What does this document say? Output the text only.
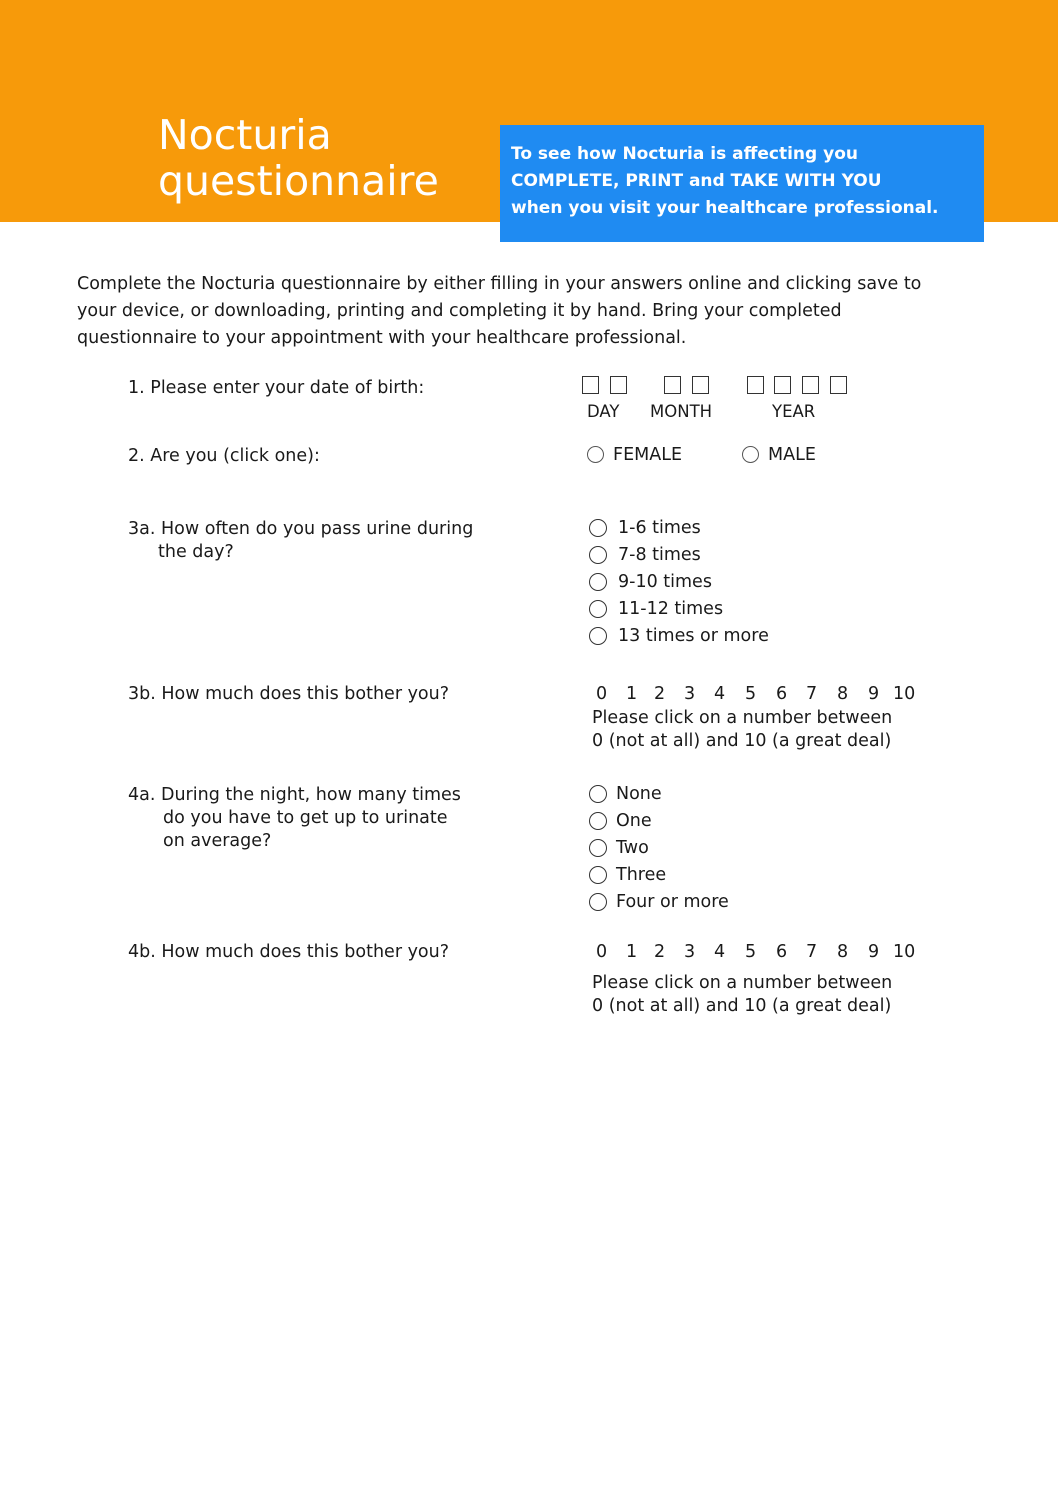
Nocturia
questionnaire
To see how Nocturia is affecting you
COMPLETE, PRINT and TAKE WITH YOU
when you visit your healthcare professional.
Complete the Nocturia questionnaire by either filling in your answers online and clicking save to
your device, or downloading, printing and completing it by hand. Bring your completed
questionnaire to your appointment with your healthcare professional.
1. Please enter your date of birth:
DAY MONTH	YEAR
2. Are you (click one):	FEMALE	MALE
3a. How often do you pass urine during
the day?
1-6 times
7-8 times
9-10 times
11-12 times
13 times or more
3b. How much does this bother you?	0 1 2 3 4 5 6 7 8 9 10
Please click on a number between
0 (not at all) and 10 (a great deal)
4a. During the night, how many times
do you have to get up to urinate
on average?
None
One
Two
Three
Four or more
4b. How much does this bother you?	0 1 2 3 4 5 6 7 8 9 10
Please click on a number between
0 (not at all) and 10 (a great deal)
